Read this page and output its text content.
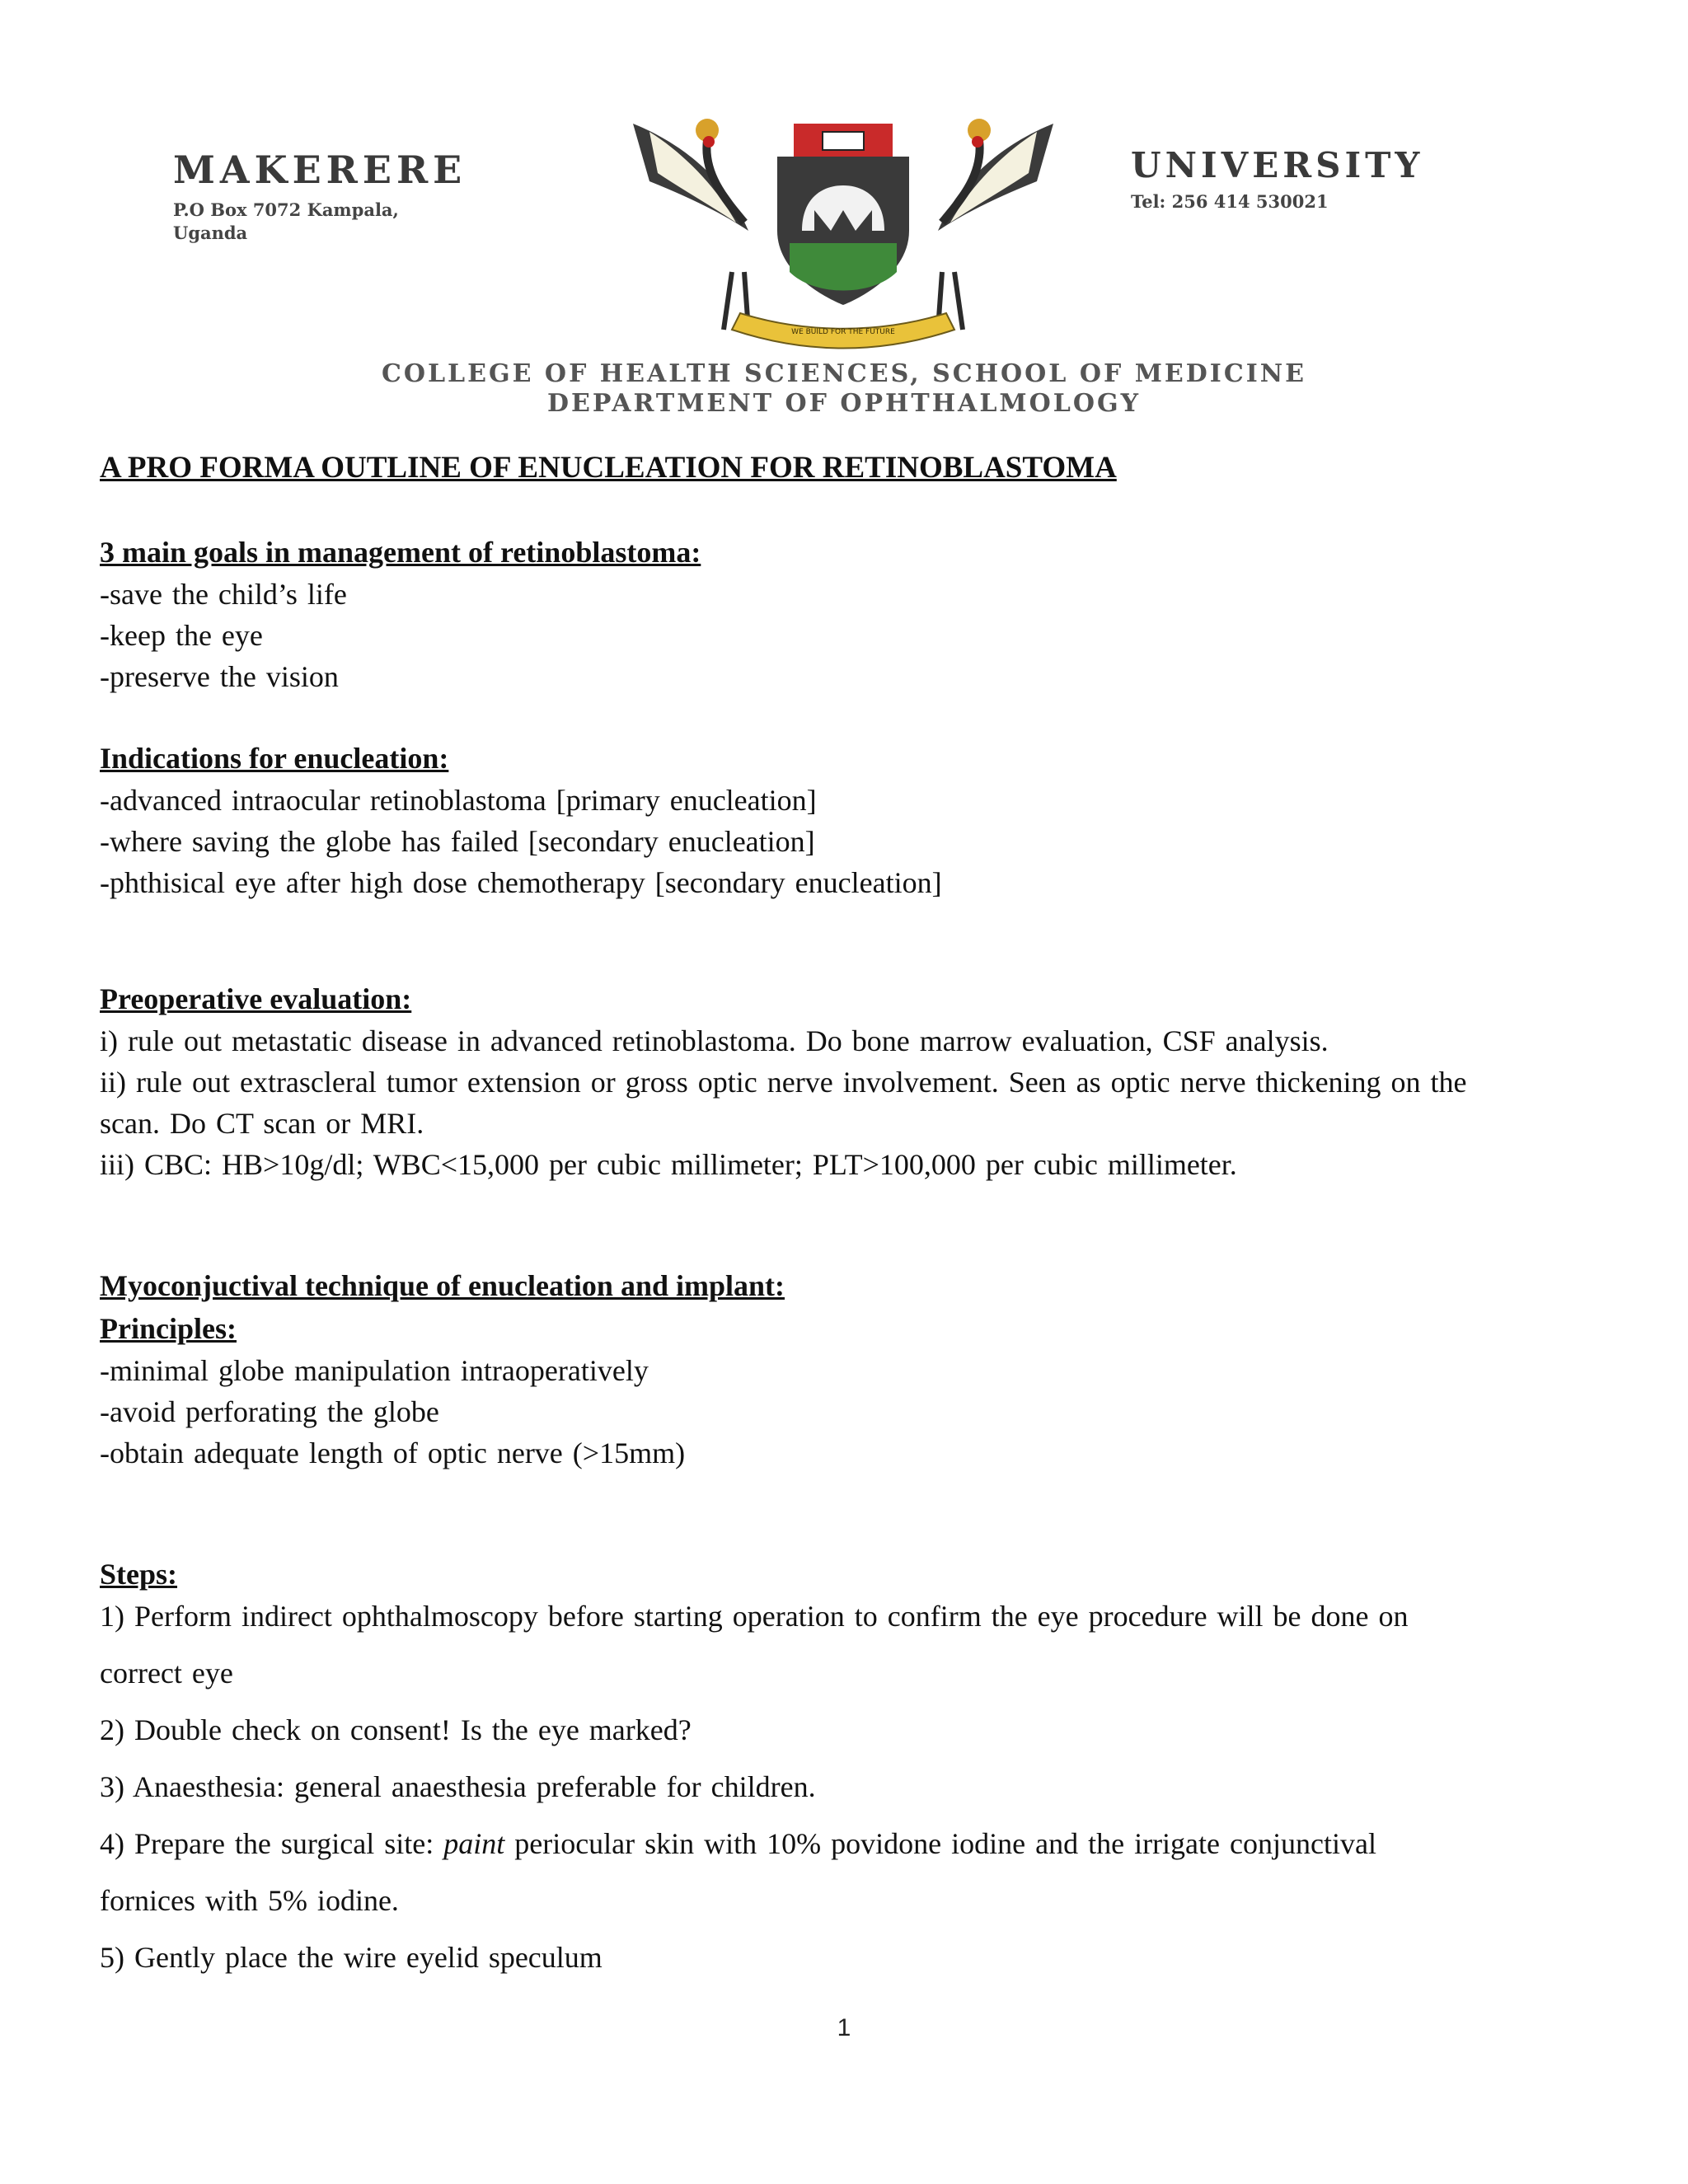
MAKERERE
P.O Box 7072 Kampala,
Uganda
WE BUILD FOR THE FUTURE
UNIVERSITY
Tel: 256 414 530021
COLLEGE OF HEALTH SCIENCES, SCHOOL OF MEDICINE
DEPARTMENT OF OPHTHALMOLOGY
A PRO FORMA OUTLINE OF ENUCLEATION FOR RETINOBLASTOMA
3 main goals in management of retinoblastoma:
-save the child’s life
-keep the eye
-preserve the vision
Indications for enucleation:
-advanced intraocular retinoblastoma [primary enucleation]
-where saving the globe has failed [secondary enucleation]
-phthisical eye after high dose chemotherapy [secondary enucleation]
Preoperative evaluation:
i) rule out metastatic disease in advanced retinoblastoma. Do bone marrow evaluation, CSF analysis.
ii) rule out extrascleral tumor extension or gross optic nerve involvement. Seen as optic nerve thickening on the
scan. Do CT scan or MRI.
iii) CBC: HB>10g/dl; WBC<15,000 per cubic millimeter; PLT>100,000 per cubic millimeter.
Myoconjuctival technique of enucleation and implant:
Principles:
-minimal globe manipulation intraoperatively
-avoid perforating the globe
-obtain adequate length of optic nerve (>15mm)
Steps:
1) Perform indirect ophthalmoscopy before starting operation to confirm the eye procedure will be done on
correct eye
2) Double check on consent! Is the eye marked?
3) Anaesthesia: general anaesthesia preferable for children.
4) Prepare the surgical site: paint periocular skin with 10% povidone iodine and the irrigate conjunctival
fornices with 5% iodine.
5) Gently place the wire eyelid speculum
1
